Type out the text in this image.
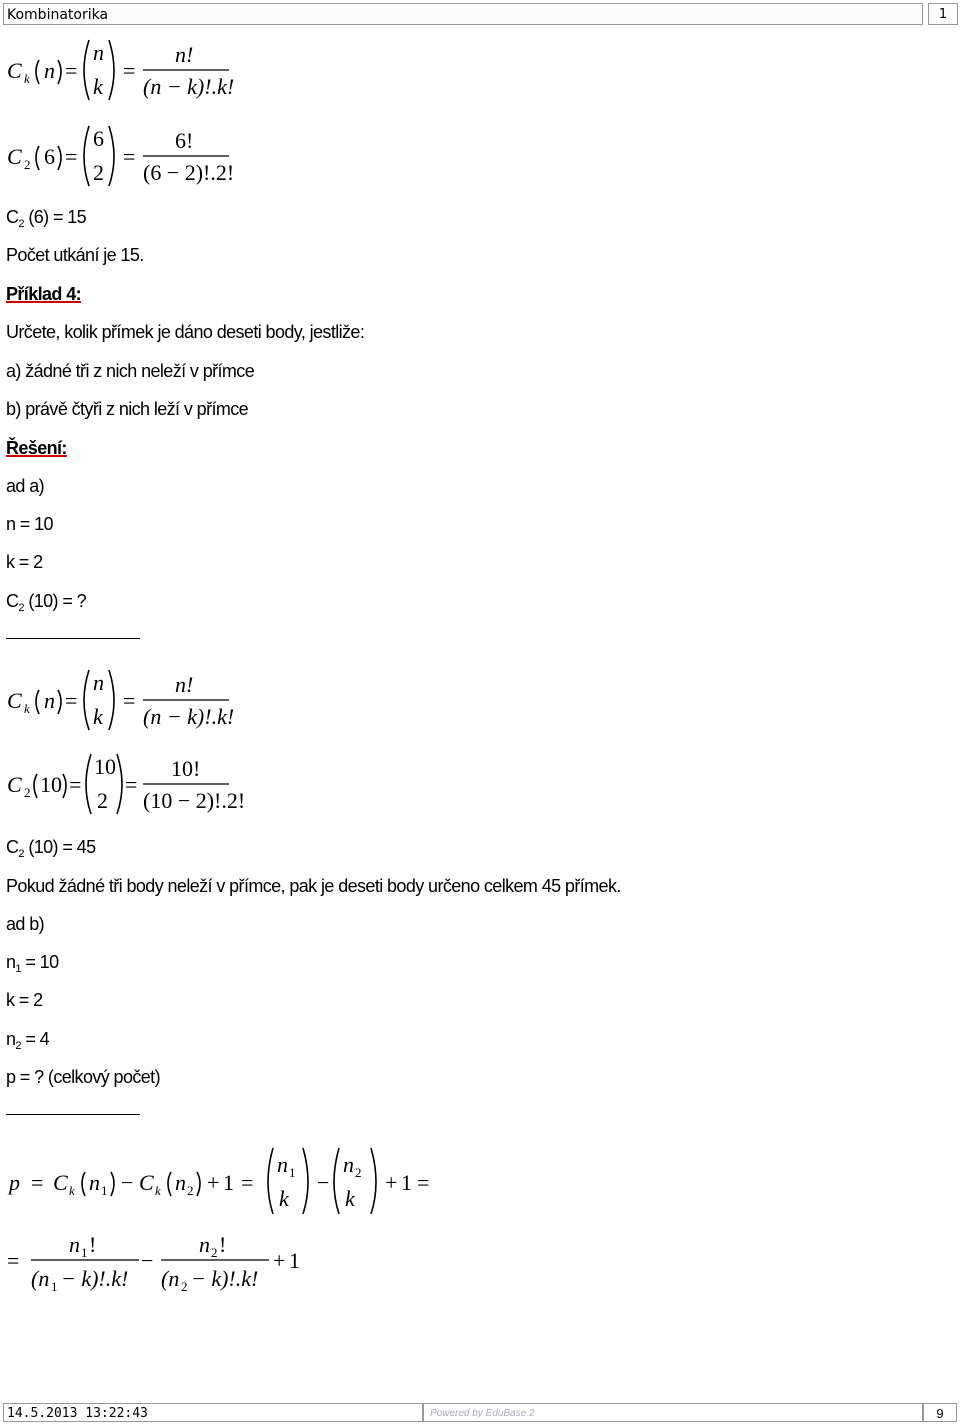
Kombinatorika	1
C k n =
n
k
=
n!
(n − k)!.k!
C 2 6 =
6
2
=
6!
(6 − 2)!.2!
$C_2$ (6) = 15
Počet utkání je 15.
Příklad 4:
Určete, kolik přímek je dáno deseti body, jestliže:
a) žádné tři z nich neleží v přímce
b) právě čtyři z nich leží v přímce
Řešení:
ad a)
n = 10
k = 2
$C_2$ (10) = ?
C k n =
n
k
=
n!
(n − k)!.k!
C 2 10 =
10
2
=
10!
(10 − 2)!.2!
$C_2$ (10) = 45
Pokud žádné tři body neleží v přímce, pak je deseti body určeno celkem 45 přímek.
ad b)
$n_1 = 10$
k = 2
$n_2 = 4$
p = ? (celkový počet)
p = C k n 1 − C k n 2 + 1 =
n 1
k
−
n 2
k
+ 1 =
=
n 1 !
(n 1 − k)!.k!
−
n 2 !
(n 2 − k)!.k!
+ 1
14.5.2013 13:22:43	Powered by EduBase 2	9
